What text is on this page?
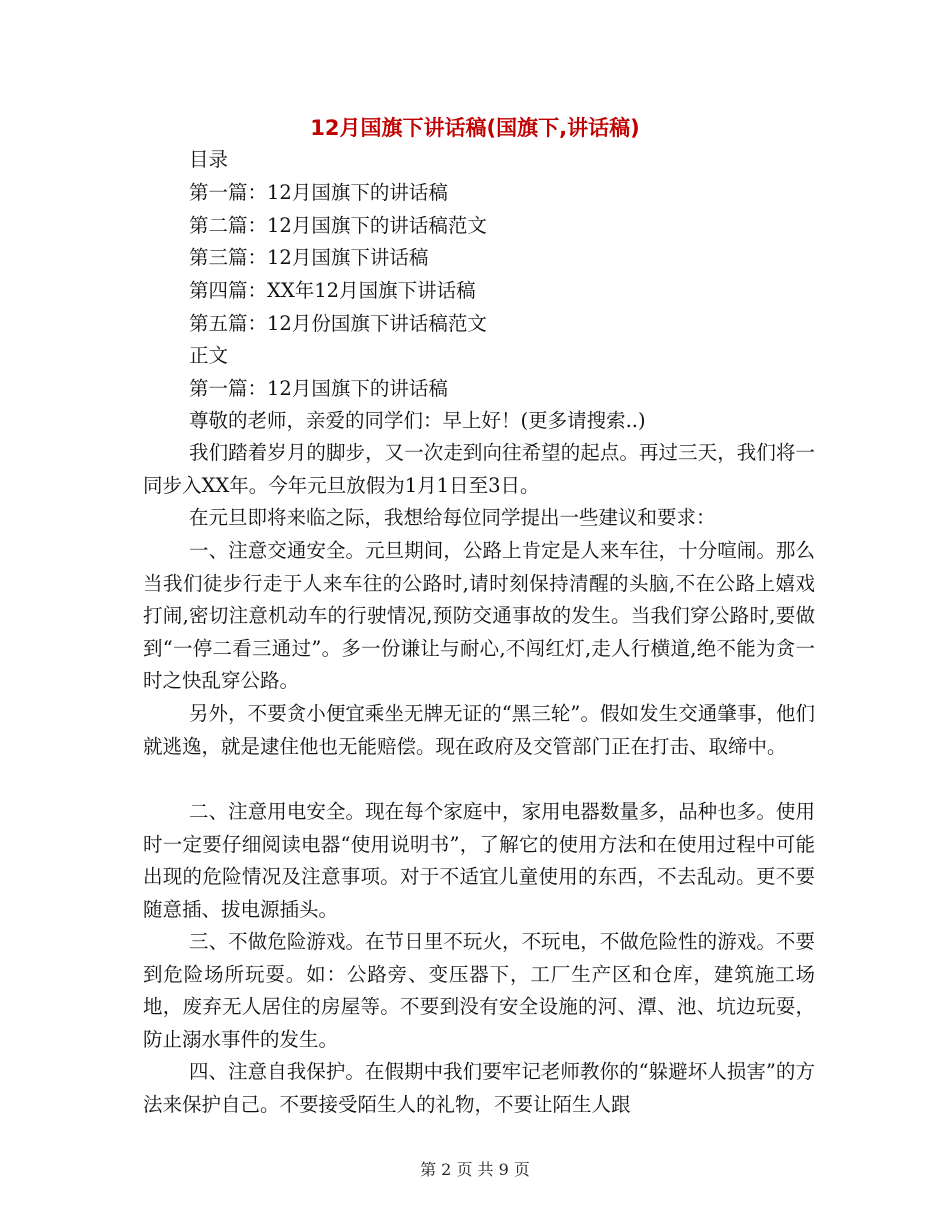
12月国旗下讲话稿(国旗下,讲话稿)
目录
第一篇：12月国旗下的讲话稿
第二篇：12月国旗下的讲话稿范文
第三篇：12月国旗下讲话稿
第四篇：XX年12月国旗下讲话稿
第五篇：12月份国旗下讲话稿范文
正文
第一篇：12月国旗下的讲话稿
尊敬的老师，亲爱的同学们：早上好！(更多请搜索..)
我们踏着岁月的脚步，又一次走到向往希望的起点。再过三天，我们将一同步入XX年。今年元旦放假为1月1日至3日。
在元旦即将来临之际，我想给每位同学提出一些建议和要求：
一、注意交通安全。元旦期间，公路上肯定是人来车往，十分喧闹。那么当我们徒步行走于人来车往的公路时,请时刻保持清醒的头脑,不在公路上嬉戏打闹,密切注意机动车的行驶情况,预防交通事故的发生。当我们穿公路时,要做到“一停二看三通过”。多一份谦让与耐心,不闯红灯,走人行横道,绝不能为贪一时之快乱穿公路。
另外，不要贪小便宜乘坐无牌无证的“黑三轮”。假如发生交通肇事，他们就逃逸，就是逮住他也无能赔偿。现在政府及交管部门正在打击、取缔中。
二、注意用电安全。现在每个家庭中，家用电器数量多，品种也多。使用时一定要仔细阅读电器“使用说明书”，了解它的使用方法和在使用过程中可能出现的危险情况及注意事项。对于不适宜儿童使用的东西，不去乱动。更不要随意插、拔电源插头。
三、不做危险游戏。在节日里不玩火，不玩电，不做危险性的游戏。不要到危险场所玩耍。如：公路旁、变压器下，工厂生产区和仓库，建筑施工场地，废弃无人居住的房屋等。不要到没有安全设施的河、潭、池、坑边玩耍，防止溺水事件的发生。
四、注意自我保护。在假期中我们要牢记老师教你的“躲避坏人损害”的方法来保护自己。不要接受陌生人的礼物，不要让陌生人跟
第 2 页 共 9 页
